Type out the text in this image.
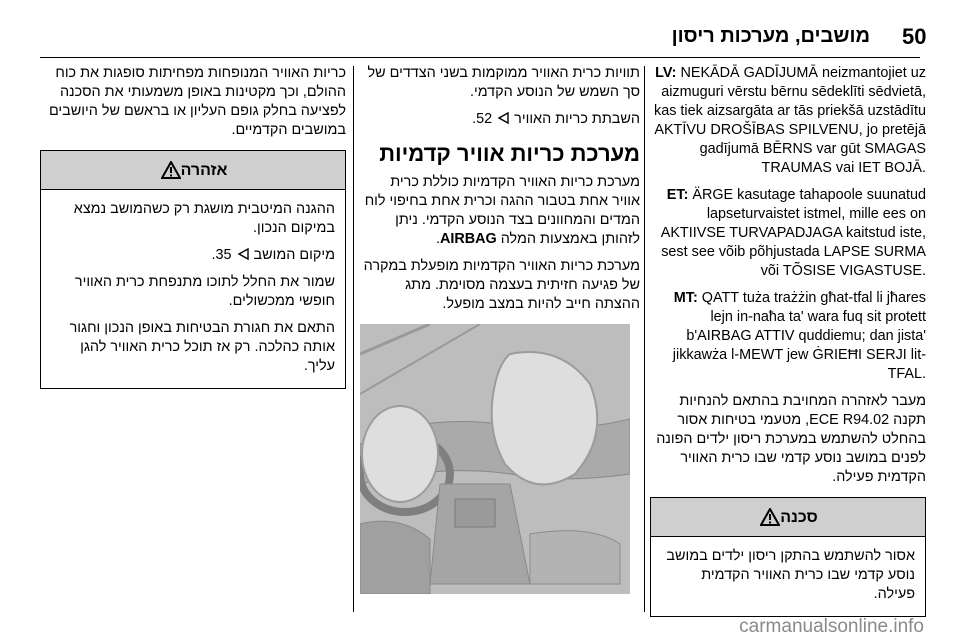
50
מושבים, מערכות ריסון

LV: NEKĀDĀ GADĪJUMĀ neizmantojiet uz aizmuguri vērstu bērnu sēdeklīti sēdvietā, kas tiek aizsargāta ar tās priekšā uzstādītu AKTĪVU DROŠĪBAS SPILVENU, jo pretējā gadījumā BĒRNS var gūt SMAGAS TRAUMAS vai IET BOJĀ.

ET: ÄRGE kasutage tahapoole suunatud lapseturvaistet istmel, mille ees on AKTIIVSE TURVAPADJAGA kaitstud iste, sest see võib põhjustada LAPSE SURMA või TÕSISE VIGASTUSE.

MT: QATT tuża trażżin għat-tfal li jħares lejn in-naħa ta' wara fuq sit protett b'AIRBAG ATTIV quddiemu; dan jista' jikkawża l-MEWT jew ĠRIEĦI SERJI lit-TFAL.

מעבר לאזהרה המחויבת בהתאם להנחיות תקנה ECE R94.02, מטעמי בטיחות אסור בהחלט להשתמש במערכת ריסון ילדים הפונה לפנים במושב נוסע קדמי שבו כרית האוויר הקדמית פעילה.

סכנה

אסור להשתמש בהתקן ריסון ילדים במושב נוסע קדמי שבו כרית האוויר הקדמית פעילה.

תוויות כרית האוויר ממוקמות בשני הצדדים של סך השמש של הנוסע הקדמי.

השבתת כריות האוויר  52.

מערכת כריות אוויר קדמיות

מערכת כריות האוויר הקדמיות כוללת כרית אוויר אחת בטבור ההגה וכרית אחת בחיפוי לוח המדים והמחוונים בצד הנוסע הקדמי. ניתן לזהותן באמצעות המלה AIRBAG.

מערכת כריות האוויר הקדמיות מופעלת במקרה של פגיעה חזיתית בעצמה מסוימת. מתג ההצתה חייב להיות במצב מופעל.

כריות האוויר המנופחות מפחיתות סופגות את כוח ההולם, וכך מקטינות באופן משמעותי את הסכנה לפציעה בחלק גופם העליון או בראשם של היושבים במושבים הקדמיים.

אזהרה

ההגנה המיטבית מושגת רק כשהמושב נמצא במיקום הנכון.

מיקום המושב  35.

שמור את החלל לתוכו מתנפחת כרית האוויר חופשי ממכשולים.

התאם את חגורת הבטיחות באופן הנכון וחגור אותה כהלכה. רק אז תוכל כרית האוויר להגן עליך.

carmanualsonline.info
